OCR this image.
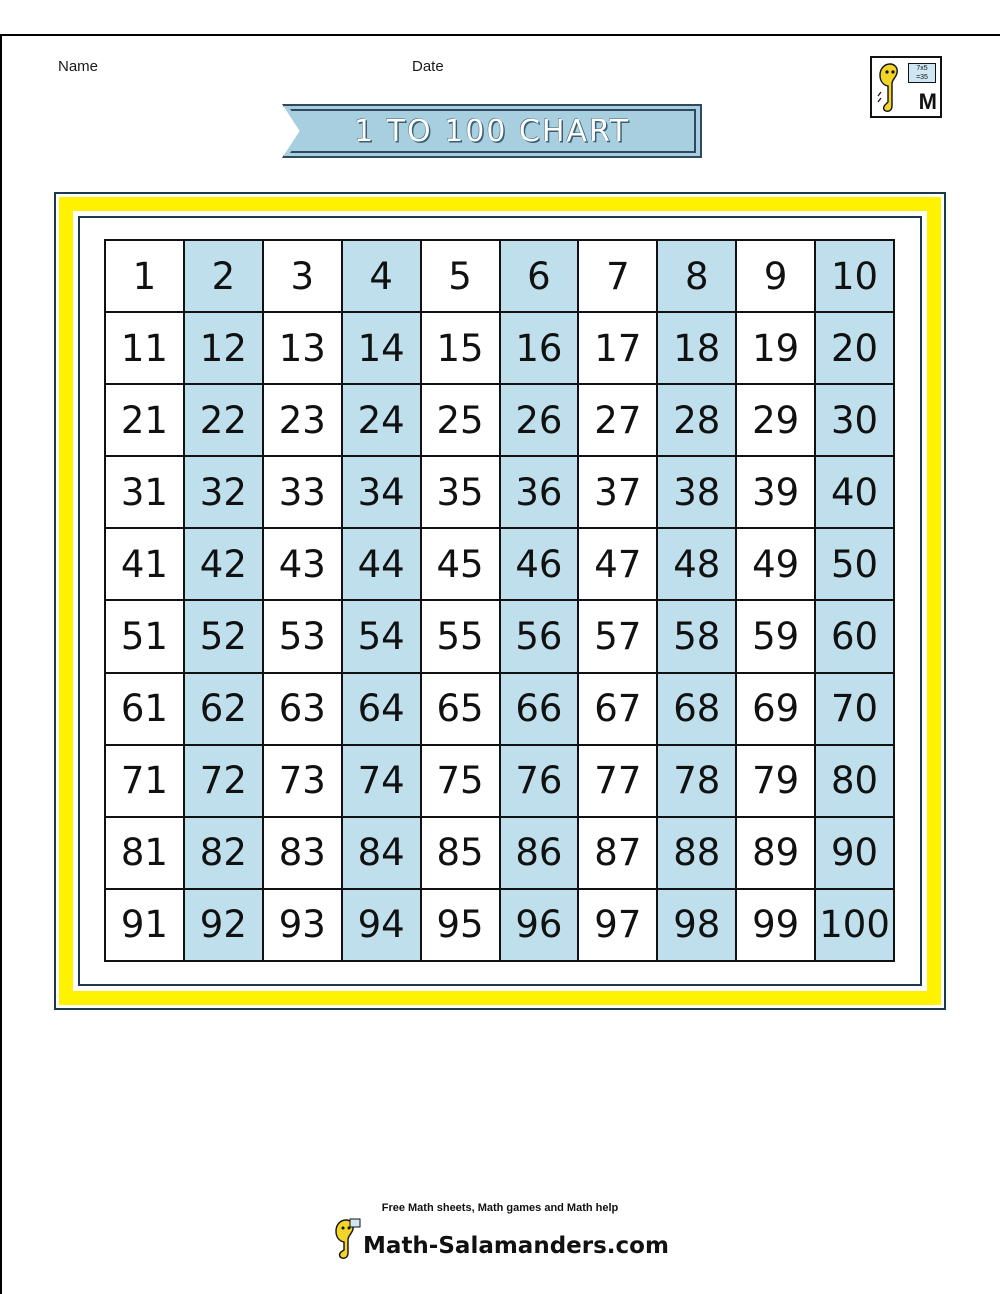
Name	Date	7x5
=35
M
1 TO 100 CHART
1	2	3	4	5	6	7	8	9	10
11 12 13 14 15 16 17 18 19 20
21 22 23 24 25 26 27 28 29 30
31 32 33 34 35 36 37 38 39 40
41 42 43 44 45 46 47 48 49 50
51 52 53 54 55 56 57 58 59 60
61 62 63 64 65 66 67 68 69 70
71 72 73 74 75 76 77 78 79 80
81 82 83 84 85 86 87 88 89 90
91 92 93 94 95 96 97 98 99 100
Free Math sheets, Math games and Math help
Math-Salamanders.com
